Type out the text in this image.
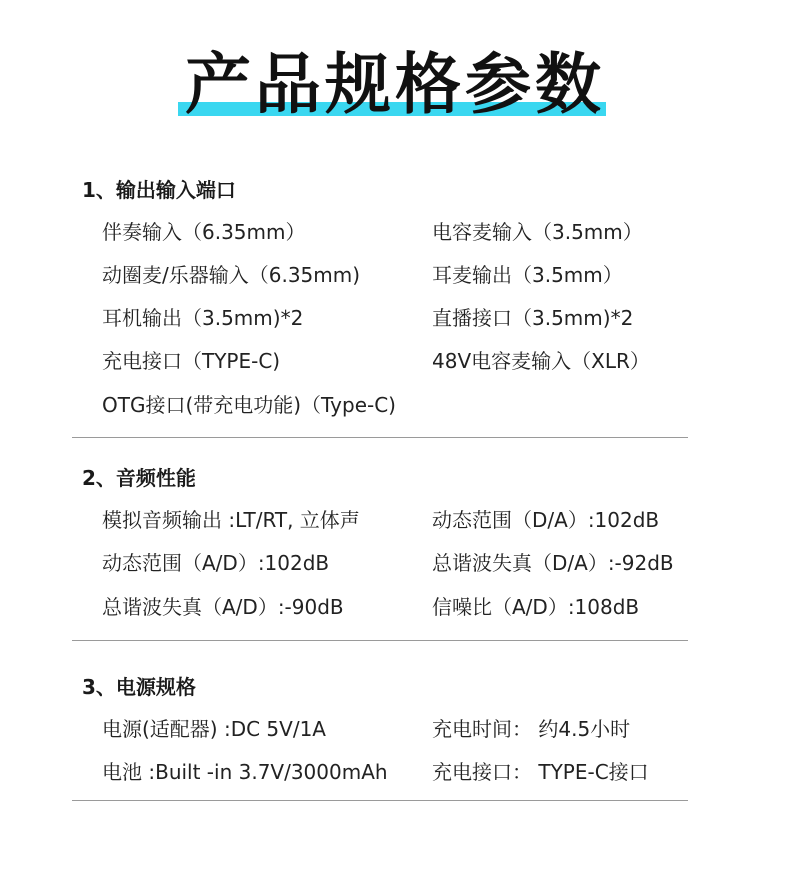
产品规格参数
1、输出输入端口
伴奏输入（6.35mm）	电容麦输入（3.5mm）
动圈麦/乐器输入（6.35mm)	耳麦输出（3.5mm）
耳机输出（3.5mm)*2	直播接口（3.5mm)*2
充电接口（TYPE-C)	48V电容麦输入（XLR）
OTG接口(带充电功能)（Type-C)
2、音频性能
模拟音频输出 :LT/RT, 立体声	动态范围（D/A）:102dB
动态范围（A/D）:102dB	总谐波失真（D/A）:-92dB
总谐波失真（A/D）:-90dB	信噪比（A/D）:108dB
3、电源规格
电源(适配器) :DC 5V/1A	充电时间： 约4.5小时
电池 :Built -in 3.7V/3000mAh 充电接口： TYPE-C接口
